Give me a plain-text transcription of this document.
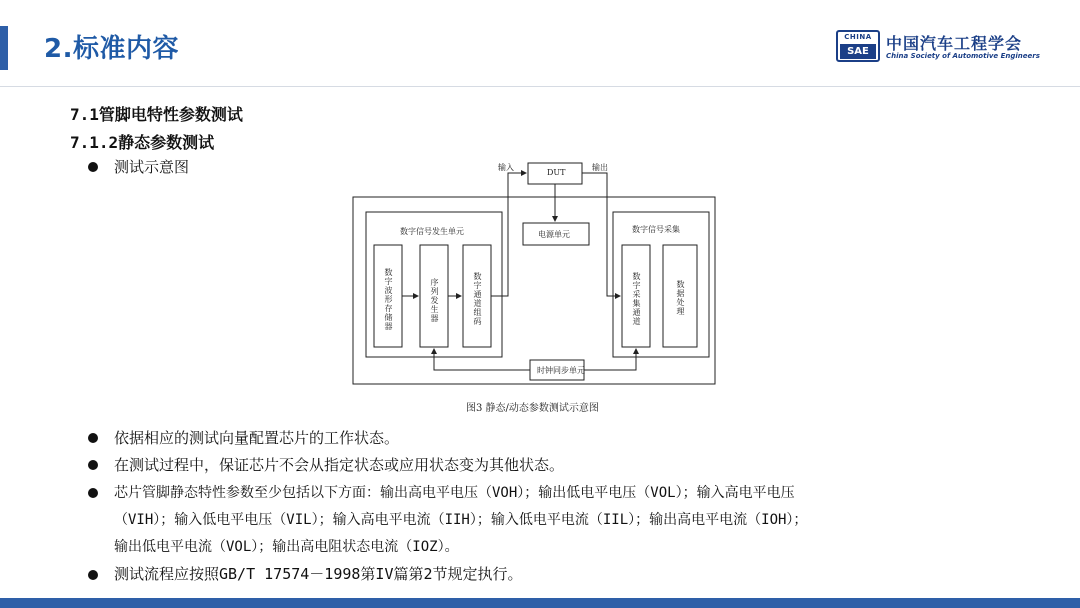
2.标准内容	CHINA
SAE	中国汽车工程学会
China Society of Automotive Engineers
7.1管脚电特性参数测试
7.1.2静态参数测试
测试示意图	DUT
输入	输出
电源单元
数字信号发生单元
数字波形存储器	序列发生器	数字通道组码
数字信号采集
数字采集通道	数据处理
时钟同步单元
图3 静态/动态参数测试示意图
依据相应的测试向量配置芯片的工作状态。
在测试过程中，保证芯片不会从指定状态或应用状态变为其他状态。
芯片管脚静态特性参数至少包括以下方面：输出高电平电压（VOH）；输出低电平电压（VOL）；输入高电平电压
（VIH）；输入低电平电压（VIL）；输入高电平电流（IIH）；输入低电平电流（IIL）；输出高电平电流（IOH）；
输出低电平电流（VOL）；输出高电阻状态电流（IOZ）。
测试流程应按照GB/T 17574－1998第IV篇第2节规定执行。
